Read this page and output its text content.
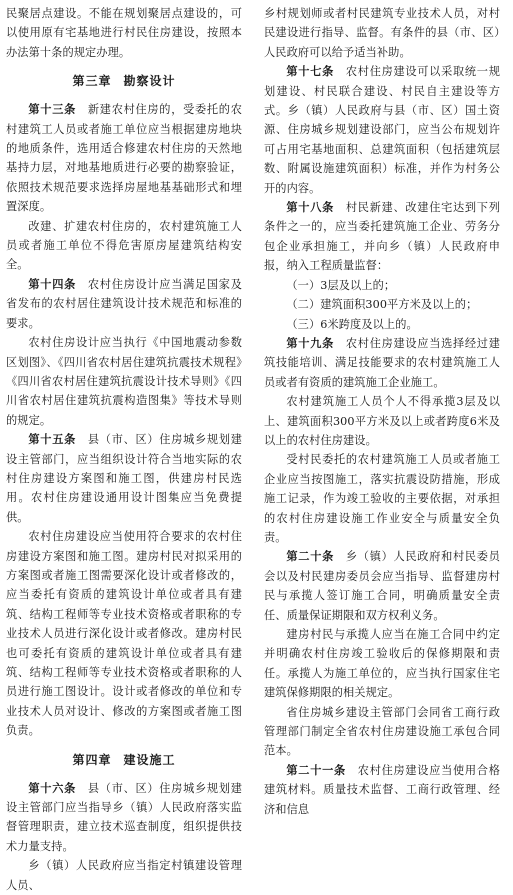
民聚居点建设。不能在规划聚居点建设的，可以使用原有宅基地进行村民住房建设，按照本办法第十条的规定办理。

第三章 勘察设计

第十三条  新建农村住房的，受委托的农村建筑工人员或者施工单位应当根据建房地块的地质条件，选用适合修建农村住房的天然地基持力层，对地基地质进行必要的勘察验证，依照技术规范要求选择房屋地基基础形式和埋置深度。

改建、扩建农村住房的，农村建筑施工人员或者施工单位不得危害原房屋建筑结构安全。

第十四条  农村住房设计应当满足国家及省发布的农村居住建筑设计技术规范和标准的要求。

农村住房设计应当执行《中国地震动参数区划图》、《四川省农村居住建筑抗震技术规程》《四川省农村居住建筑抗震设计技术导则》《四川省农村居住建筑抗震构造图集》等技术导则的规定。

第十五条  县（市、区）住房城乡规划建设主管部门，应当组织设计符合当地实际的农村住房建设方案图和施工图，供建房村民选用。农村住房建设通用设计图集应当免费提供。

农村住房建设应当使用符合要求的农村住房建设方案图和施工图。建房村民对拟采用的方案图或者施工图需要深化设计或者修改的，应当委托有资质的建筑设计单位或者具有建筑、结构工程师等专业技术资格或者职称的专业技术人员进行深化设计或者修改。建房村民也可委托有资质的建筑设计单位或者具有建筑、结构工程师等专业技术资格或者职称的人员进行施工图设计。设计或者修改的单位和专业技术人员对设计、修改的方案图或者施工图负责。

第四章 建设施工

第十六条  县（市、区）住房城乡规划建设主管部门应当指导乡（镇）人民政府落实监督管理职责，建立技术巡查制度，组织提供技术力量支持。

乡（镇）人民政府应当指定村镇建设管理人员、

乡村规划师或者村民建筑专业技术人员，对村民建设进行指导、监督。有条件的县（市、区）人民政府可以给予适当补助。

第十七条  农村住房建设可以采取统一规划建设、村民联合建设、村民自主建设等方式。乡（镇）人民政府与县（市、区）国土资源、住房城乡规划建设部门，应当公布规划许可占用宅基地面积、总建筑面积（包括建筑层数、附属设施建筑面积）标准，并作为村务公开的内容。

第十八条  村民新建、改建住宅达到下列条件之一的，应当委托建筑施工企业、劳务分包企业承担施工，并向乡（镇）人民政府申报，纳入工程质量监督：

（一）3层及以上的；

（二）建筑面积300平方米及以上的；

（三）6米跨度及以上的。

第十九条  农村住房建设应当选择经过建筑技能培训、满足技能要求的农村建筑施工人员或者有资质的建筑施工企业施工。

农村建筑施工人员个人不得承揽3层及以上、建筑面积300平方米及以上或者跨度6米及以上的农村住房建设。

受村民委托的农村建筑施工人员或者施工企业应当按图施工，落实抗震设防措施，形成施工记录，作为竣工验收的主要依据，对承担的农村住房建设施工作业安全与质量安全负责。

第二十条  乡（镇）人民政府和村民委员会以及村民建房委员会应当指导、监督建房村民与承揽人签订施工合同，明确质量安全责任、质量保证期限和双方权利义务。

建房村民与承揽人应当在施工合同中约定并明确农村住房竣工验收后的保修期限和责任。承揽人为施工单位的，应当执行国家住宅建筑保修期限的相关规定。

省住房城乡建设主管部门会同省工商行政管理部门制定全省农村住房建设施工承包合同范本。

第二十一条  农村住房建设应当使用合格建筑材料。质量技术监督、工商行政管理、经济和信息
